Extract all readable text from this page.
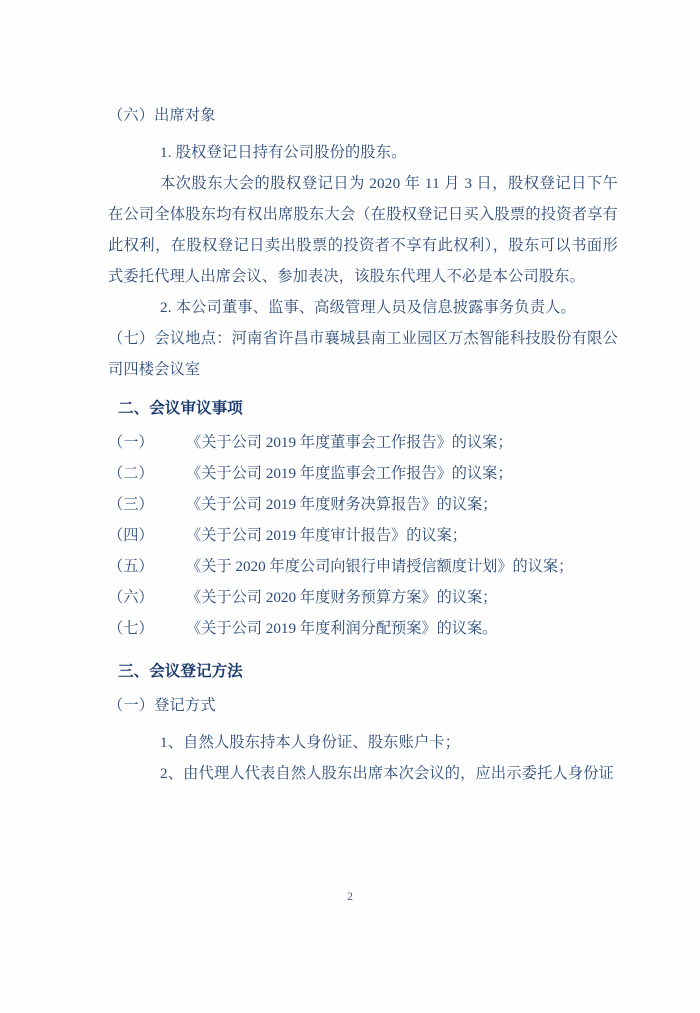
（六）出席对象

1. 股权登记日持有公司股份的股东。

本次股东大会的股权登记日为 2020 年 11 月 3 日，股权登记日下午在公司全体股东均有权出席股东大会（在股权登记日买入股票的投资者享有此权利，在股权登记日卖出股票的投资者不享有此权利），股东可以书面形式委托代理人出席会议、参加表决，该股东代理人不必是本公司股东。

2. 本公司董事、监事、高级管理人员及信息披露事务负责人。

（七）会议地点：河南省许昌市襄城县南工业园区万杰智能科技股份有限公司四楼会议室

二、会议审议事项

（一）	《关于公司 2019 年度董事会工作报告》的议案；
（二）	《关于公司 2019 年度监事会工作报告》的议案；
（三）	《关于公司 2019 年度财务决算报告》的议案；
（四）	《关于公司 2019 年度审计报告》的议案；
（五）	《关于 2020 年度公司向银行申请授信额度计划》的议案；
（六）	《关于公司 2020 年度财务预算方案》的议案；
（七）	《关于公司 2019 年度利润分配预案》的议案。

三、会议登记方法

（一）登记方式

1、自然人股东持本人身份证、股东账户卡；

2、由代理人代表自然人股东出席本次会议的，应出示委托人身份证

2
